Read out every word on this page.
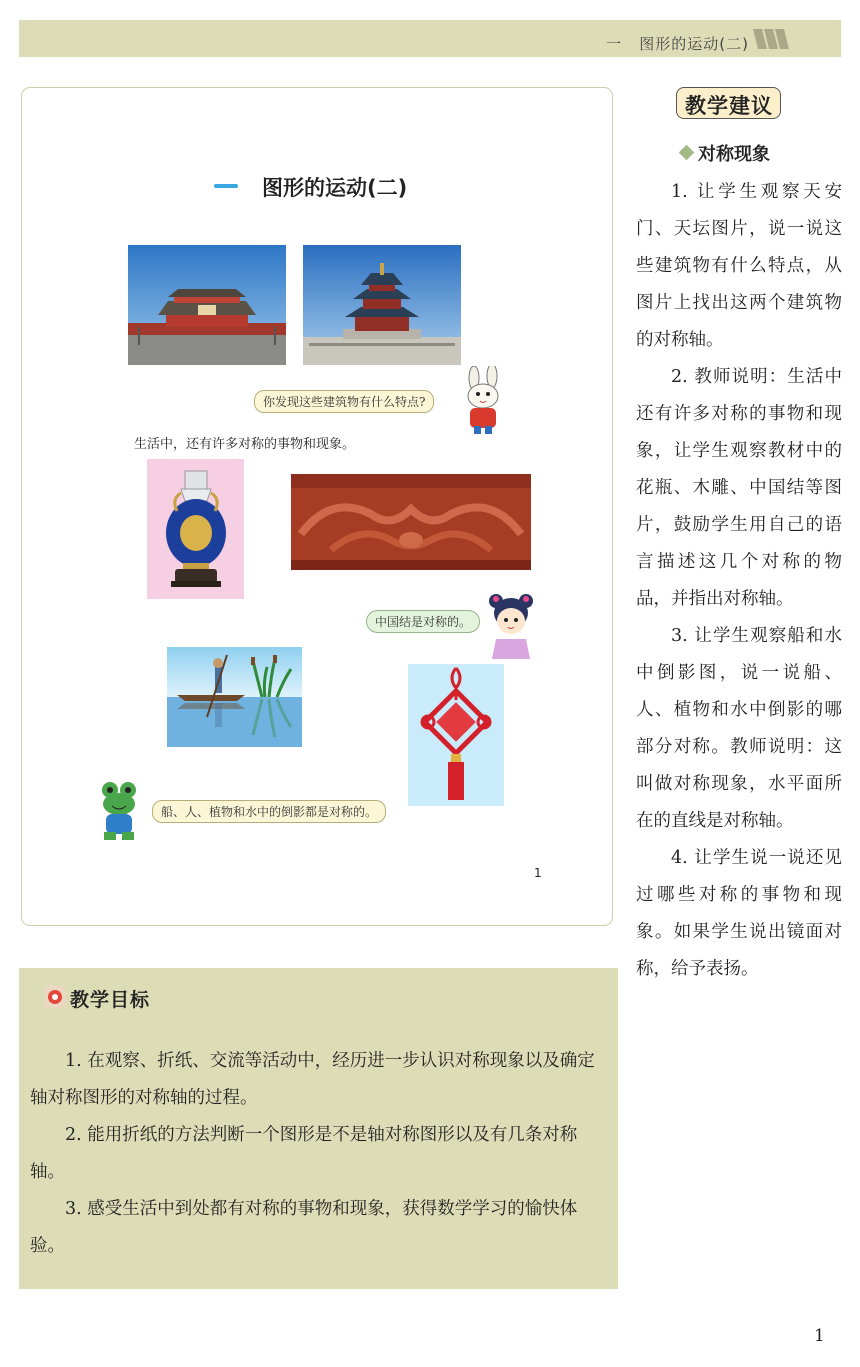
一   图形的运动(二)
图形的运动(二)
你发现这些建筑物有什么特点?
生活中，还有许多对称的事物和现象。
中国结是对称的。
船、人、植物和水中的倒影都是对称的。
1
教学目标
1. 在观察、折纸、交流等活动中，经历进一步认识对称现象以及确定轴对称图形的对称轴的过程。
2. 能用折纸的方法判断一个图形是不是轴对称图形以及有几条对称轴。
3. 感受生活中到处都有对称的事物和现象，获得数学学习的愉快体验。
教学建议
对称现象

1. 让学生观察天安门、天坛图片，说一说这些建筑物有什么特点，从图片上找出这两个建筑物的对称轴。

2. 教师说明：生活中还有许多对称的事物和现象，让学生观察教材中的花瓶、木雕、中国结等图片，鼓励学生用自己的语言描述这几个对称的物品，并指出对称轴。

3. 让学生观察船和水中倒影图，说一说船、人、植物和水中倒影的哪部分对称。教师说明：这叫做对称现象，水平面所在的直线是对称轴。

4. 让学生说一说还见过哪些对称的事物和现象。如果学生说出镜面对称，给予表扬。

1
